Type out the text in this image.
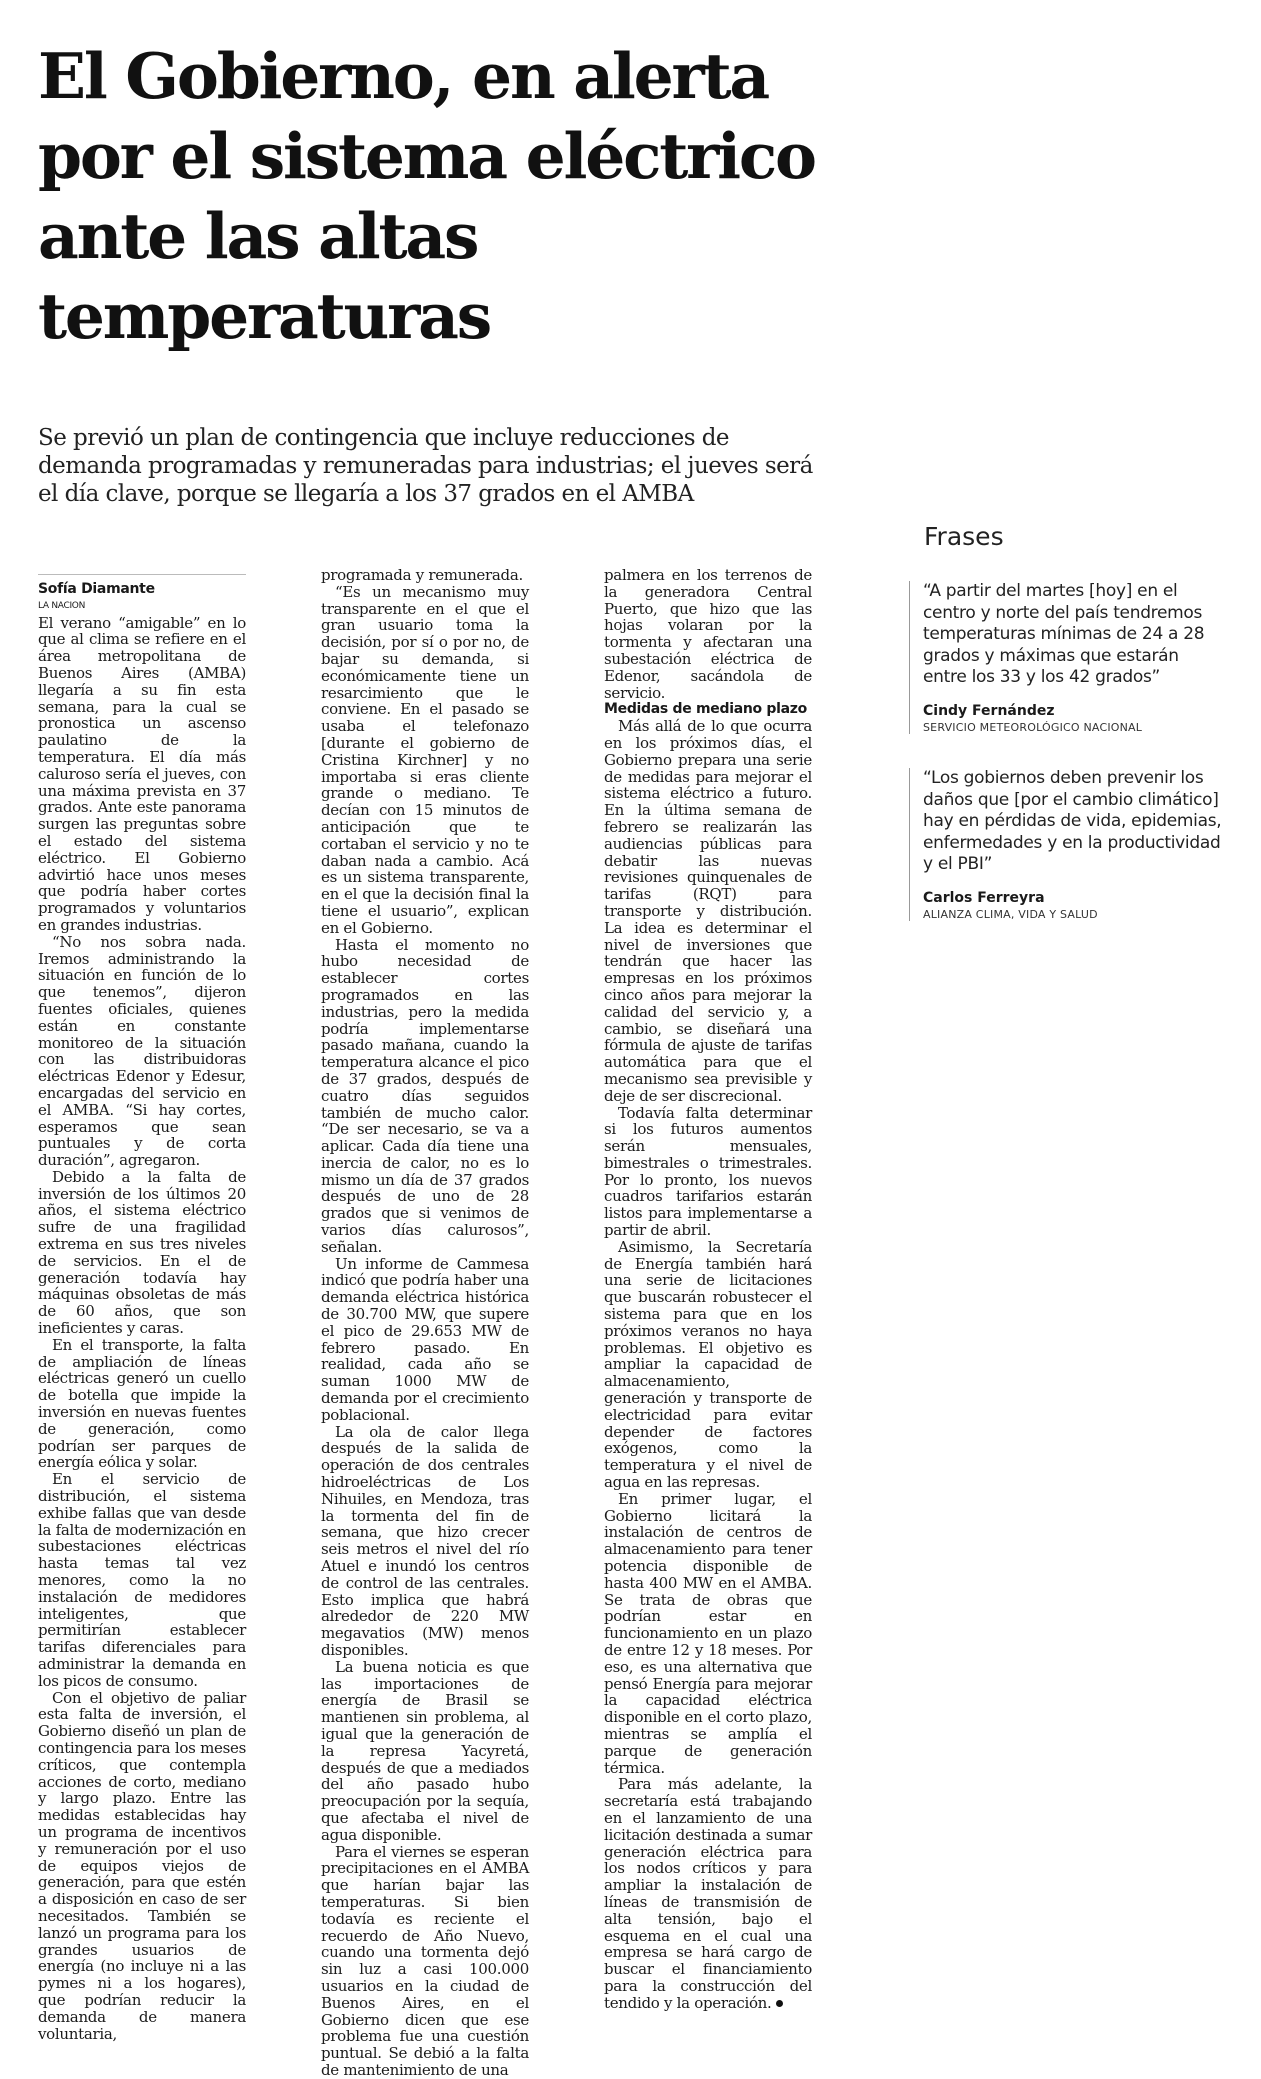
El Gobierno, en alerta por el sistema eléctrico ante las altas temperaturas

Se previó un plan de contingencia que incluye reducciones de demanda programadas y remuneradas para industrias; el jueves será el día clave, porque se llegaría a los 37 grados en el AMBA

Sofía Diamante

LA NACION

El verano “amigable” en lo que al clima se refiere en el área metropolitana de Buenos Aires (AMBA) llegaría a su fin esta semana, para la cual se pronostica un ascenso paulatino de la temperatura. El día más caluroso sería el jueves, con una máxima prevista en 37 grados. Ante este panorama surgen las preguntas sobre el estado del sistema eléctrico. El Gobierno advirtió hace unos meses que podría haber cortes programados y voluntarios en grandes industrias.

“No nos sobra nada. Iremos administrando la situación en función de lo que tenemos”, dijeron fuentes oficiales, quienes están en constante monitoreo de la situación con las distribuidoras eléctricas Edenor y Edesur, encargadas del servicio en el AMBA. “Si hay cortes, esperamos que sean puntuales y de corta duración”, agregaron.

Debido a la falta de inversión de los últimos 20 años, el sistema eléctrico sufre de una fragilidad extrema en sus tres niveles de servicios. En el de generación todavía hay máquinas obsoletas de más de 60 años, que son ineficientes y caras.

En el transporte, la falta de ampliación de líneas eléctricas generó un cuello de botella que impide la inversión en nuevas fuentes de generación, como podrían ser parques de energía eólica y solar.

En el servicio de distribución, el sistema exhibe fallas que van desde la falta de modernización en subestaciones eléctricas hasta temas tal vez menores, como la no instalación de medidores inteligentes, que permitirían establecer tarifas diferenciales para administrar la demanda en los picos de consumo.

Con el objetivo de paliar esta falta de inversión, el Gobierno diseñó un plan de contingencia para los meses críticos, que contempla acciones de corto, mediano y largo plazo. Entre las medidas establecidas hay un programa de incentivos y remuneración por el uso de equipos viejos de generación, para que estén a disposición en caso de ser necesitados. También se lanzó un programa para los grandes usuarios de energía (no incluye ni a las pymes ni a los hogares), que podrían reducir la demanda de manera voluntaria,

programada y remunerada.

“Es un mecanismo muy transparente en el que el gran usuario toma la decisión, por sí o por no, de bajar su demanda, si económicamente tiene un resarcimiento que le conviene. En el pasado se usaba el telefonazo [durante el gobierno de Cristina Kirchner] y no importaba si eras cliente grande o mediano. Te decían con 15 minutos de anticipación que te cortaban el servicio y no te daban nada a cambio. Acá es un sistema transparente, en el que la decisión final la tiene el usuario”, explican en el Gobierno.

Hasta el momento no hubo necesidad de establecer cortes programados en las industrias, pero la medida podría implementarse pasado mañana, cuando la temperatura alcance el pico de 37 grados, después de cuatro días seguidos también de mucho calor. “De ser necesario, se va a aplicar. Cada día tiene una inercia de calor, no es lo mismo un día de 37 grados después de uno de 28 grados que si venimos de varios días calurosos”, señalan.

Un informe de Cammesa indicó que podría haber una demanda eléctrica histórica de 30.700 MW, que supere el pico de 29.653 MW de febrero pasado. En realidad, cada año se suman 1000 MW de demanda por el crecimiento poblacional.

La ola de calor llega después de la salida de operación de dos centrales hidroeléctricas de Los Nihuiles, en Mendoza, tras la tormenta del fin de semana, que hizo crecer seis metros el nivel del río Atuel e inundó los centros de control de las centrales. Esto implica que habrá alrededor de 220 MW megavatios (MW) menos disponibles.

La buena noticia es que las importaciones de energía de Brasil se mantienen sin problema, al igual que la generación de la represa Yacyretá, después de que a mediados del año pasado hubo preocupación por la sequía, que afectaba el nivel de agua disponible.

Para el viernes se esperan precipitaciones en el AMBA que harían bajar las temperaturas. Si bien todavía es reciente el recuerdo de Año Nuevo, cuando una tormenta dejó sin luz a casi 100.000 usuarios en la ciudad de Buenos Aires, en el Gobierno dicen que ese problema fue una cuestión puntual. Se debió a la falta de mantenimiento de una

palmera en los terrenos de la generadora Central Puerto, que hizo que las hojas volaran por la tormenta y afectaran una subestación eléctrica de Edenor, sacándola de servicio.

Medidas de mediano plazo

Más allá de lo que ocurra en los próximos días, el Gobierno prepara una serie de medidas para mejorar el sistema eléctrico a futuro. En la última semana de febrero se realizarán las audiencias públicas para debatir las nuevas revisiones quinquenales de tarifas (RQT) para transporte y distribución. La idea es determinar el nivel de inversiones que tendrán que hacer las empresas en los próximos cinco años para mejorar la calidad del servicio y, a cambio, se diseñará una fórmula de ajuste de tarifas automática para que el mecanismo sea previsible y deje de ser discrecional.

Todavía falta determinar si los futuros aumentos serán mensuales, bimestrales o trimestrales. Por lo pronto, los nuevos cuadros tarifarios estarán listos para implementarse a partir de abril.

Asimismo, la Secretaría de Energía también hará una serie de licitaciones que buscarán robustecer el sistema para que en los próximos veranos no haya problemas. El objetivo es ampliar la capacidad de almacenamiento, generación y transporte de electricidad para evitar depender de factores exógenos, como la temperatura y el nivel de agua en las represas.

En primer lugar, el Gobierno licitará la instalación de centros de almacenamiento para tener potencia disponible de hasta 400 MW en el AMBA. Se trata de obras que podrían estar en funcionamiento en un plazo de entre 12 y 18 meses. Por eso, es una alternativa que pensó Energía para mejorar la capacidad eléctrica disponible en el corto plazo, mientras se amplía el parque de generación térmica.

Para más adelante, la secretaría está trabajando en el lanzamiento de una licitación destinada a sumar generación eléctrica para los nodos críticos y para ampliar la instalación de líneas de transmisión de alta tensión, bajo el esquema en el cual una empresa se hará cargo de buscar el financiamiento para la construcción del tendido y la operación.

Frases

“A partir del martes [hoy] en el centro y norte del país tendremos temperaturas mínimas de 24 a 28 grados y máximas que estarán entre los 33 y los 42 grados”

Cindy Fernández

SERVICIO METEOROLÓGICO NACIONAL

“Los gobiernos deben prevenir los daños que [por el cambio climático] hay en pérdidas de vida, epidemias, enfermedades y en la productividad y el PBI”

Carlos Ferreyra

ALIANZA CLIMA, VIDA Y SALUD
